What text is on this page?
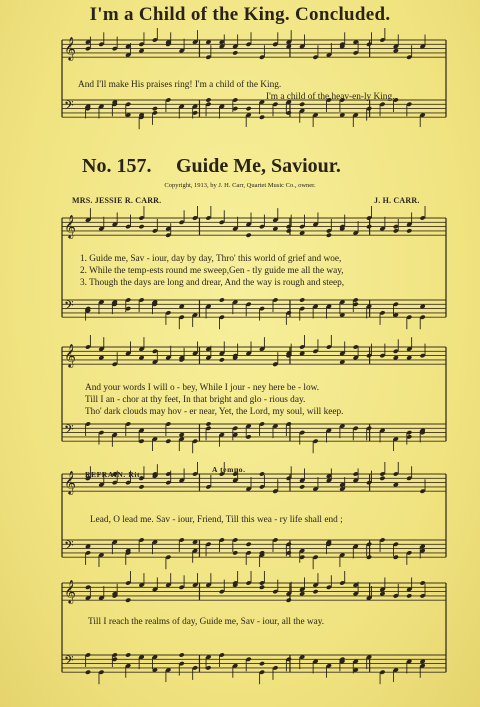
𝄞
𝄢
𝄞
𝄢
𝄞
𝄢
𝄞
𝄢
𝄞
𝄢
I'm a Child of the King. Concluded.
And I'll make His praises ring! I'm a child of the King.
I'm a child of the heav-en-ly King.
No. 157. Guide Me, Saviour.
Copyright, 1913, by J. H. Carr, Quartet Music Co., owner.
MRS. JESSIE R. CARR.	J. H. CARR.
1. Guide me, Sav - iour, day by day, Thro' this world of grief and woe,
2. While the temp-ests round me sweep,Gen - tly guide me all the way,
3. Though the days are long and drear, And the way is rough and steep,
And your words I will o - bey, While I jour - ney here be - low.
Till I an - chor at thy feet, In that bright and glo - rious day.
Tho' dark clouds may hov - er near, Yet, the Lord, my soul, will keep.
REFRAIN. Rit.
A tempo.
Lead, O lead me. Sav - iour, Friend, Till this wea - ry life shall end ;
Till I reach the realms of day, Guide me, Sav - iour, all the way.
